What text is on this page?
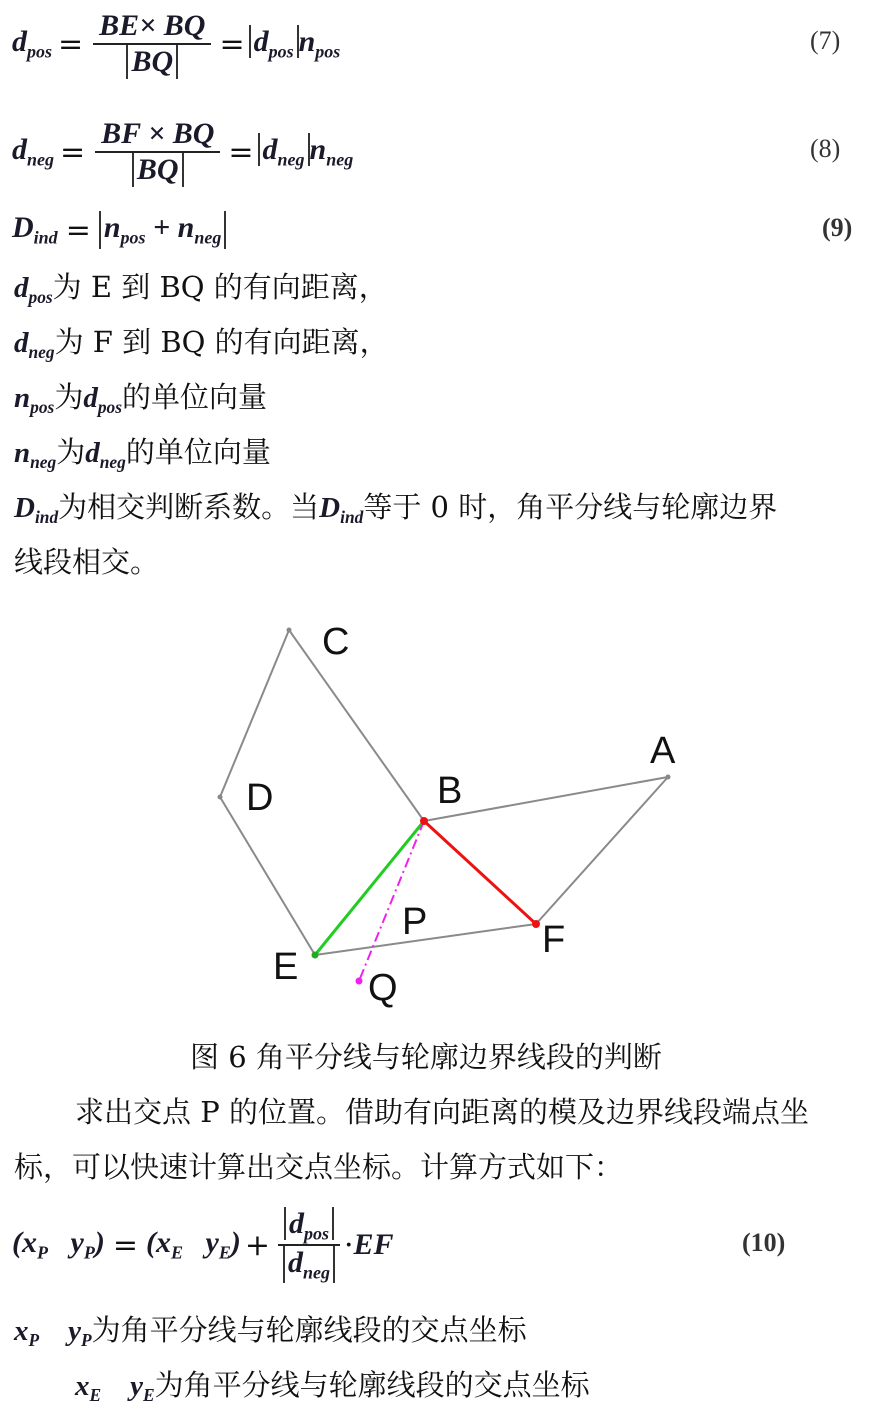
$d_{pos} = \frac{BE\times BQ}{BQ} = d_{pos}$ $n_{pos}$	(7)
$d_{neg} = \frac{BF \times BQ}{BQ} = d_{neg}$ $n_{neg}$	(8)
$D_{ind} = n_{pos} + n_{neg}$	(9)
$d_{pos}$为 E 到 BQ 的有向距离，
$d_{neg}$为 F 到 BQ 的有向距离，
$n_{pos}$为$d_{pos}$的单位向量
$n_{neg}$为$d_{neg}$的单位向量
$D_{ind}$为相交判断系数。当$D_{ind}$等于 0 时，角平分线与轮廓边界
线段相交。
C
D	B
A
P	F
E Q
图 6 角平分线与轮廓边界线段的判断
求出交点 P 的位置。借助有向距离的模及边界线段端点坐
标，可以快速计算出交点坐标。计算方式如下：
($x_P$ $y_P) = (x_E$ $y_E) + \frac{d_{pos}}{d_{neg}}$ · EF	(10)
$x_P$ $y_P$为角平分线与轮廓线段的交点坐标
$x_E$ $y_E$为角平分线与轮廓线段的交点坐标
